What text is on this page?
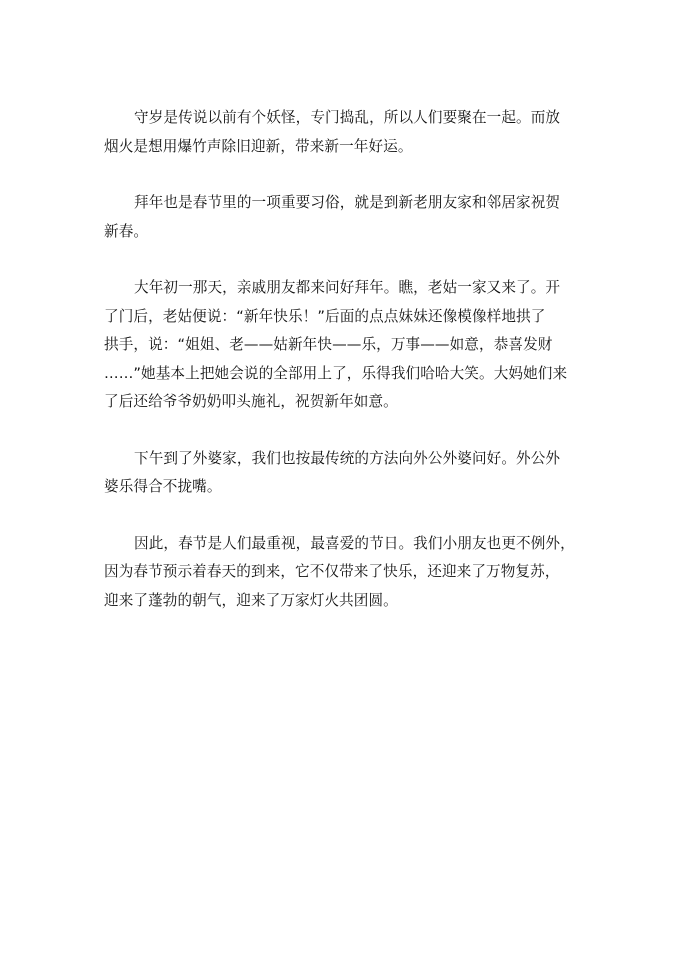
守岁是传说以前有个妖怪，专门捣乱，所以人们要聚在一起。而放
烟火是想用爆竹声除旧迎新，带来新一年好运。

拜年也是春节里的一项重要习俗，就是到新老朋友家和邻居家祝贺
新春。

大年初一那天，亲戚朋友都来问好拜年。瞧，老姑一家又来了。开
了门后，老姑便说：“新年快乐！”后面的点点妹妹还像模像样地拱了
拱手，说：“姐姐、老——姑新年快——乐，万事——如意，恭喜发财
……”她基本上把她会说的全部用上了，乐得我们哈哈大笑。大妈她们来
了后还给爷爷奶奶叩头施礼，祝贺新年如意。

下午到了外婆家，我们也按最传统的方法向外公外婆问好。外公外
婆乐得合不拢嘴。

因此，春节是人们最重视，最喜爱的节日。我们小朋友也更不例外，
因为春节预示着春天的到来，它不仅带来了快乐，还迎来了万物复苏，
迎来了蓬勃的朝气，迎来了万家灯火共团圆。
